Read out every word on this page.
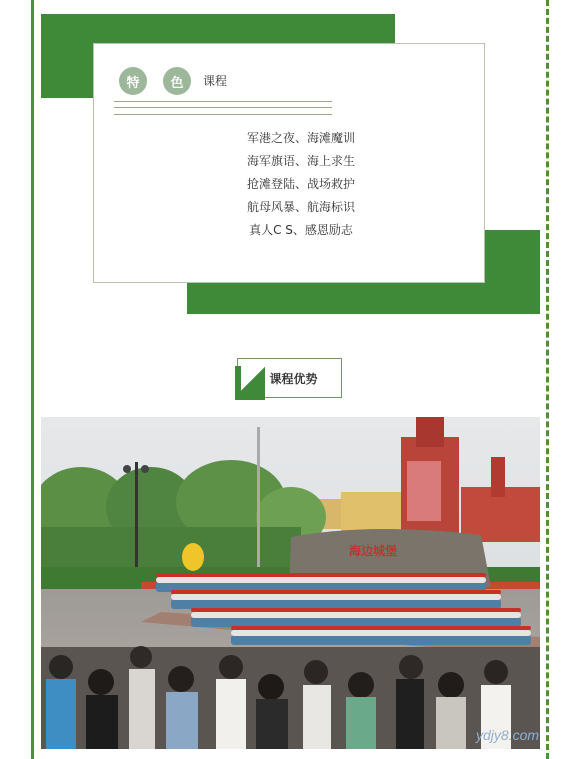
特	色	课程
军港之夜、海滩魔训
海军旗语、海上求生
抢滩登陆、战场救护
航母风暴、航海标识
真人C S、感恩励志
课程优势
海边城堡
ydjy8.com
